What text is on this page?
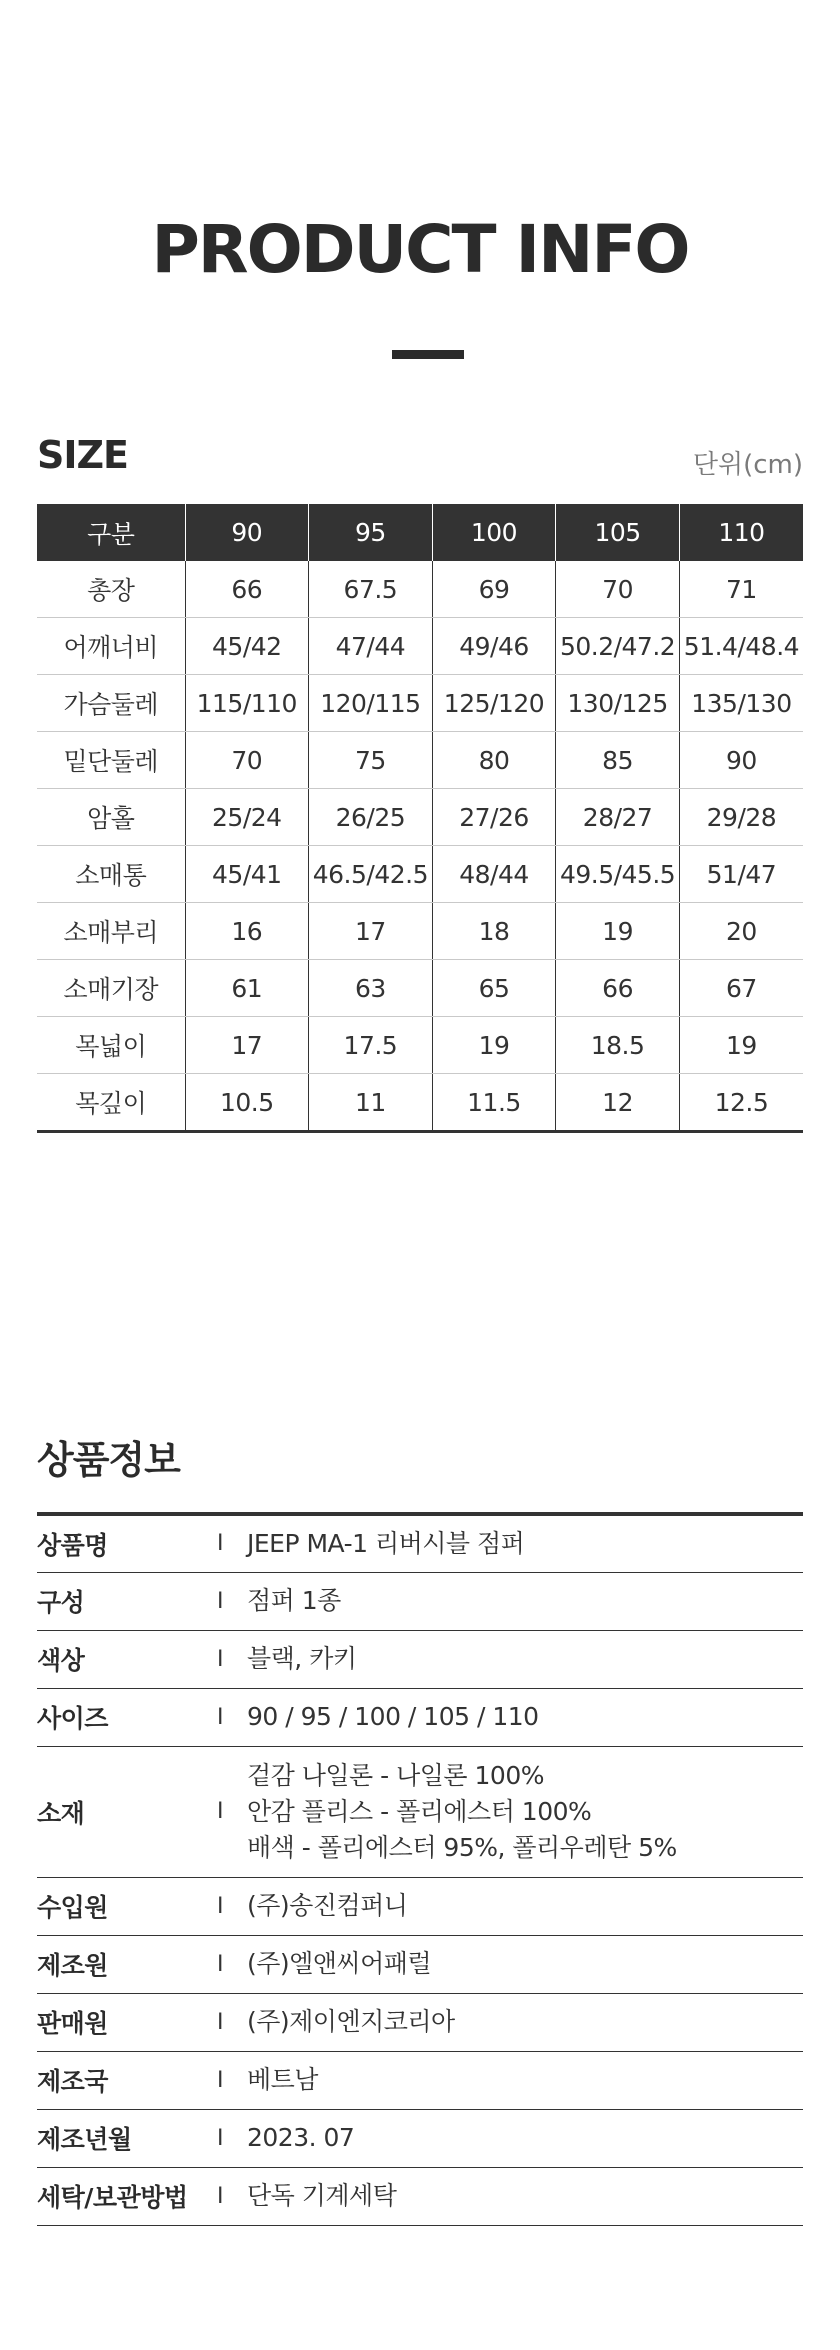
PRODUCT INFO
SIZE	단위(cm)
구분	90	95	100	105	110
총장	66	67.5	69	70	71
어깨너비	45/42	47/44	49/46	50.2/47.2	51.4/48.4
가슴둘레	115/110	120/115	125/120	130/125	135/130
밑단둘레	70	75	80	85	90
암홀	25/24	26/25	27/26	28/27	29/28
소매통	45/41	46.5/42.5	48/44	49.5/45.5	51/47
소매부리	16	17	18	19	20
소매기장	61	63	65	66	67
목넓이	17	17.5	19	18.5	19
목깊이	10.5	11	11.5	12	12.5
상품정보
상품명	I	JEEP MA-1 리버시블 점퍼

구성	I	점퍼 1종

색상	I	블랙, 카키

사이즈	I	90 / 95 / 100 / 105 / 110

소재	I	겉감 나일론 - 나일론 100%
안감 플리스 - 폴리에스터 100%
배색 - 폴리에스터 95%, 폴리우레탄 5%

수입원	I	(주)송진컴퍼니

제조원	I	(주)엘앤씨어패럴

판매원	I	(주)제이엔지코리아

제조국	I	베트남

제조년월	I	2023. 07

세탁/보관방법	I	단독 기계세탁
